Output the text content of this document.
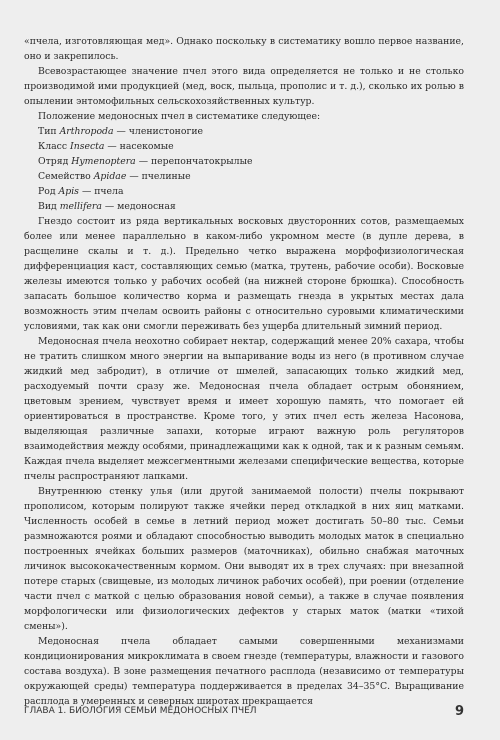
«пчела, изготовляющая мед». Однако поскольку в систематику вошло первое название, оно и закрепилось.

Всевозрастающее значение пчел этого вида определяется не только и не столько производимой ими продукцией (мед, воск, пыльца, прополис и т. д.), сколько их ролью в опылении энтомофильных сельскохозяйственных культур.

Положение медоносных пчел в систематике следующее:

Тип Arthropoda — членистоногие
Класс Insecta — насекомые
Отряд Hymenoptera — перепончатокрылые
Семейство Apidae — пчелиные
Род Apis — пчела
Вид mellifera — медоносная

Гнездо состоит из ряда вертикальных восковых двусторонних сотов, размещаемых более или менее параллельно в каком-либо укромном месте (в дупле дерева, в расщелине скалы и т. д.). Предельно четко выражена морфофизиологическая дифференциация каст, составляющих семью (матка, трутень, рабочие особи). Восковые железы имеются только у рабочих особей (на нижней стороне брюшка). Способность запасать большое количество корма и размещать гнезда в укрытых местах дала возможность этим пчелам освоить районы с относительно суровыми климатическими условиями, так как они смогли переживать без ущерба длительный зимний период.

Медоносная пчела неохотно собирает нектар, содержащий менее 20% сахара, чтобы не тратить слишком много энергии на выпаривание воды из него (в противном случае жидкий мед забродит), в отличие от шмелей, запасающих только жидкий мед, расходуемый почти сразу же. Медоносная пчела обладает острым обонянием, цветовым зрением, чувствует время и имеет хорошую память, что помогает ей ориентироваться в пространстве. Кроме того, у этих пчел есть железа Насонова, выделяющая различные запахи, которые играют важную роль регуляторов взаимодействия между особями, принадлежащими как к одной, так и к разным семьям. Каждая пчела выделяет межсегментными железами специфические вещества, которые пчелы распространяют лапками.

Внутреннюю стенку улья (или другой занимаемой полости) пчелы покрывают прополисом, которым полируют также ячейки перед откладкой в них яиц матками. Численность особей в семье в летний период может достигать 50–80 тыс. Семьи размножаются роями и обладают способностью выводить молодых маток в специально построенных ячейках больших размеров (маточниках), обильно снабжая маточных личинок высококачественным кормом. Они выводят их в трех случаях: при внезапной потере старых (свищевые, из молодых личинок рабочих особей), при роении (отделение части пчел с маткой с целью образования новой семьи), а также в случае появления морфологически или физиологических дефектов у старых маток (матки «тихой смены»).

Медоносная пчела обладает самыми совершенными механизмами кондиционирования микроклимата в своем гнезде (температуры, влажности и газового состава воздуха). В зоне размещения печатного расплода (независимо от температуры окружающей среды) температура поддерживается в пределах 34–35°С. Выращивание расплода в умеренных и северных широтах прекращается

ГЛАВА 1. БИОЛОГИЯ СЕМЬИ МЕДОНОСНЫХ ПЧЕЛ	9
